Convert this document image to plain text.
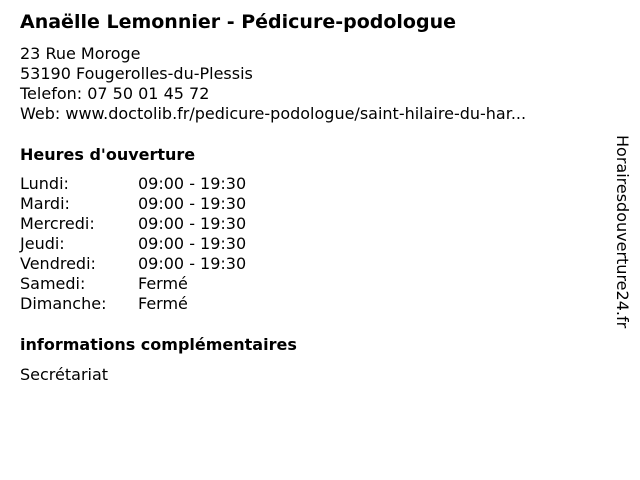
Anaëlle Lemonnier - Pédicure-podologue
23 Rue Moroge
53190 Fougerolles-du-Plessis
Telefon: 07 50 01 45 72
Web: www.doctolib.fr/pedicure-podologue/saint-hilaire-du-har...
Heures d'ouverture
Lundi:	09:00 - 19:30
Mardi:	09:00 - 19:30
Mercredi:	09:00 - 19:30
Jeudi:	09:00 - 19:30
Vendredi:	09:00 - 19:30
Samedi:	Fermé
Dimanche:	Fermé
informations complémentaires
Secrétariat
Horairesdouverture24.fr
